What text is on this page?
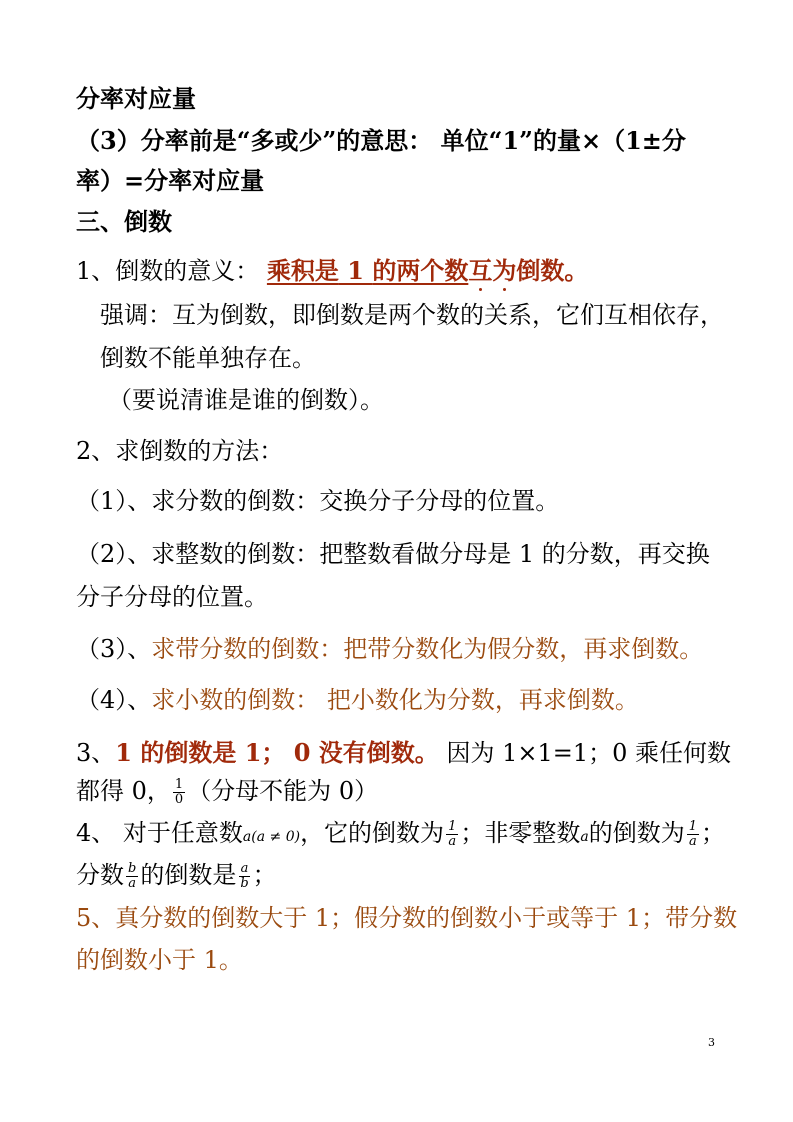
分率对应量
（3）分率前是“多或少”的意思： 单位“1”的量×（1±分
率）=分率对应量
三、倒数
1、倒数的意义： 乘积是 1 的两个数互为倒数。
强调：互为倒数，即倒数是两个数的关系，它们互相依存，
倒数不能单独存在。
（要说清谁是谁的倒数）。
2、求倒数的方法：
（1）、求分数的倒数：交换分子分母的位置。
（2）、求整数的倒数：把整数看做分母是 1 的分数，再交换
分子分母的位置。
（3）、求带分数的倒数：把带分数化为假分数，再求倒数。
（4）、求小数的倒数： 把小数化为分数，再求倒数。
3、1 的倒数是 1； 0 没有倒数。 因为 1×1=1；0 乘任何数
都得 0， $\frac{1}{0}$ （分母不能为 0）
4、 对于任意数a(a ≠ 0)，它的倒数为 $\frac{1}{a}$ ；非零整数a的倒数为 $\frac{1}{a}$ ；
分数 $\frac{b}{a}$ 的倒数是 $\frac{a}{b}$ ；
5、真分数的倒数大于 1；假分数的倒数小于或等于 1；带分数
的倒数小于 1。
3
